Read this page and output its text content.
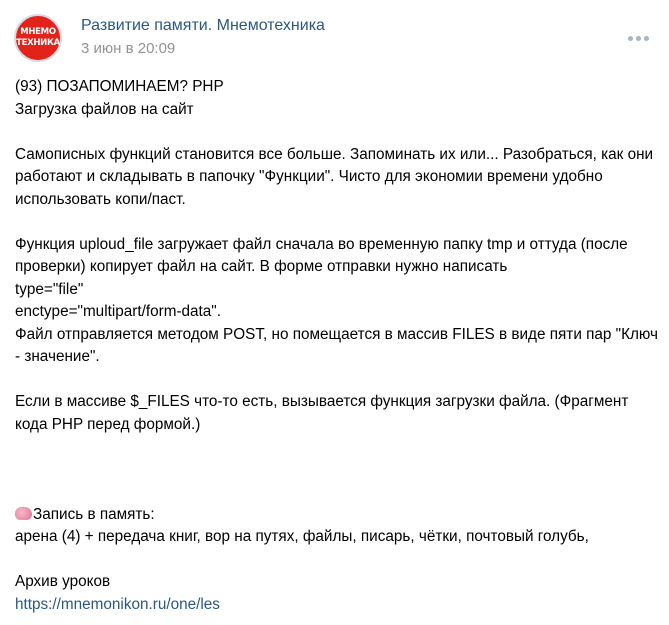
МНЕМО
ТЕХНИКА
Развитие памяти. Мнемотехника
3 июн в 20:09

(93) ПОЗАПОМИНАЕМ? PHP

Загрузка файлов на сайт

Самописных функций становится все больше. Запоминать их или... Разобраться, как они работают и складывать в папочку "Функции". Чисто для экономии времени удобно использовать копи/паст.

Функция uploud_file загружает файл сначала во временную папку tmp и оттуда (после проверки) копирует файл на сайт. В форме отправки нужно написать

type="file"

enctype="multipart/form-data".

Файл отправляется методом POST, но помещается в массив FILES в виде пяти пар "Ключ - значение".

Если в массиве $_FILES что-то есть, вызывается функция загрузки файла. (Фрагмент кода PHP перед формой.)

Запись в память:

арена (4) + передача книг, вор на путях, файлы, писарь, чётки, почтовый голубь,

Архив уроков

https://mnemonikon.ru/one/les
